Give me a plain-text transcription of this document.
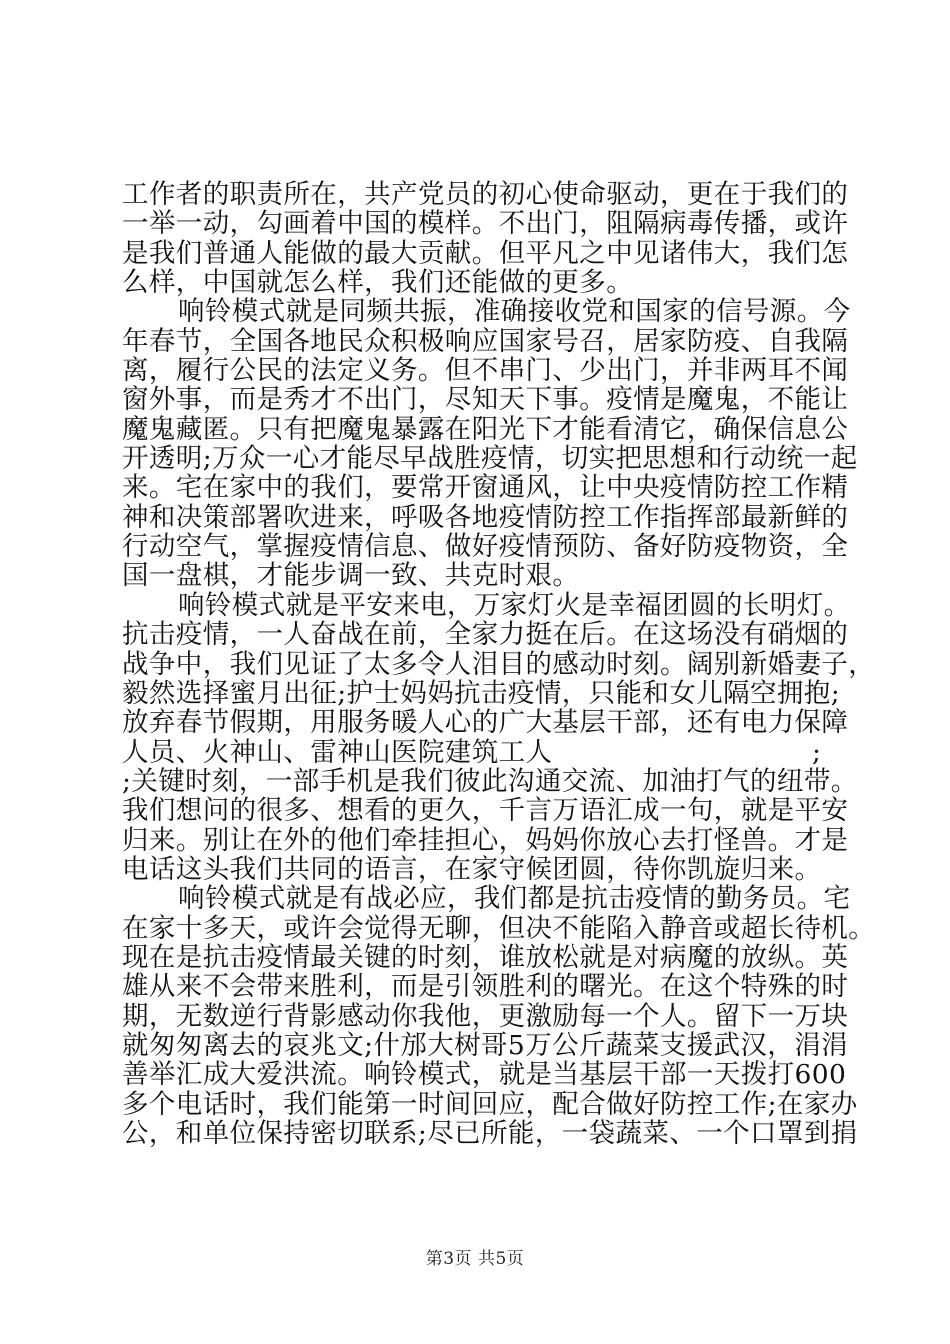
工作者的职责所在，共产党员的初心使命驱动，更在于我们的
一举一动，勾画着中国的模样。不出门，阻隔病毒传播，或许
是我们普通人能做的最大贡献。但平凡之中见诸伟大，我们怎
么样，中国就怎么样，我们还能做的更多。
响铃模式就是同频共振，准确接收党和国家的信号源。今
年春节，全国各地民众积极响应国家号召，居家防疫、自我隔
离，履行公民的法定义务。但不串门、少出门，并非两耳不闻
窗外事，而是秀才不出门，尽知天下事。疫情是魔鬼，不能让
魔鬼藏匿。只有把魔鬼暴露在阳光下才能看清它，确保信息公
开透明;万众一心才能尽早战胜疫情，切实把思想和行动统一起
来。宅在家中的我们，要常开窗通风，让中央疫情防控工作精
神和决策部署吹进来，呼吸各地疫情防控工作指挥部最新鲜的
行动空气，掌握疫情信息、做好疫情预防、备好防疫物资，全
国一盘棋，才能步调一致、共克时艰。
响铃模式就是平安来电，万家灯火是幸福团圆的长明灯。
抗击疫情，一人奋战在前，全家力挺在后。在这场没有硝烟的
战争中，我们见证了太多令人泪目的感动时刻。阔别新婚妻子，
毅然选择蜜月出征;护士妈妈抗击疫情，只能和女儿隔空拥抱;
放弃春节假期，用服务暖人心的广大基层干部，还有电力保障
人员、火神山、雷神山医院建筑工人	;
;关键时刻，一部手机是我们彼此沟通交流、加油打气的纽带。
我们想问的很多、想看的更久，千言万语汇成一句，就是平安
归来。别让在外的他们牵挂担心，妈妈你放心去打怪兽。才是
电话这头我们共同的语言，在家守候团圆，待你凯旋归来。
响铃模式就是有战必应，我们都是抗击疫情的勤务员。宅
在家十多天，或许会觉得无聊，但决不能陷入静音或超长待机。
现在是抗击疫情最关键的时刻，谁放松就是对病魔的放纵。英
雄从来不会带来胜利，而是引领胜利的曙光。在这个特殊的时
期，无数逆行背影感动你我他，更激励每一个人。留下一万块
就匆匆离去的哀兆文;什邡大树哥5万公斤蔬菜支援武汉，涓涓
善举汇成大爱洪流。响铃模式，就是当基层干部一天拨打600
多个电话时，我们能第一时间回应，配合做好防控工作;在家办
公，和单位保持密切联系;尽已所能，一袋蔬菜、一个口罩到捐
第3页 共5页
